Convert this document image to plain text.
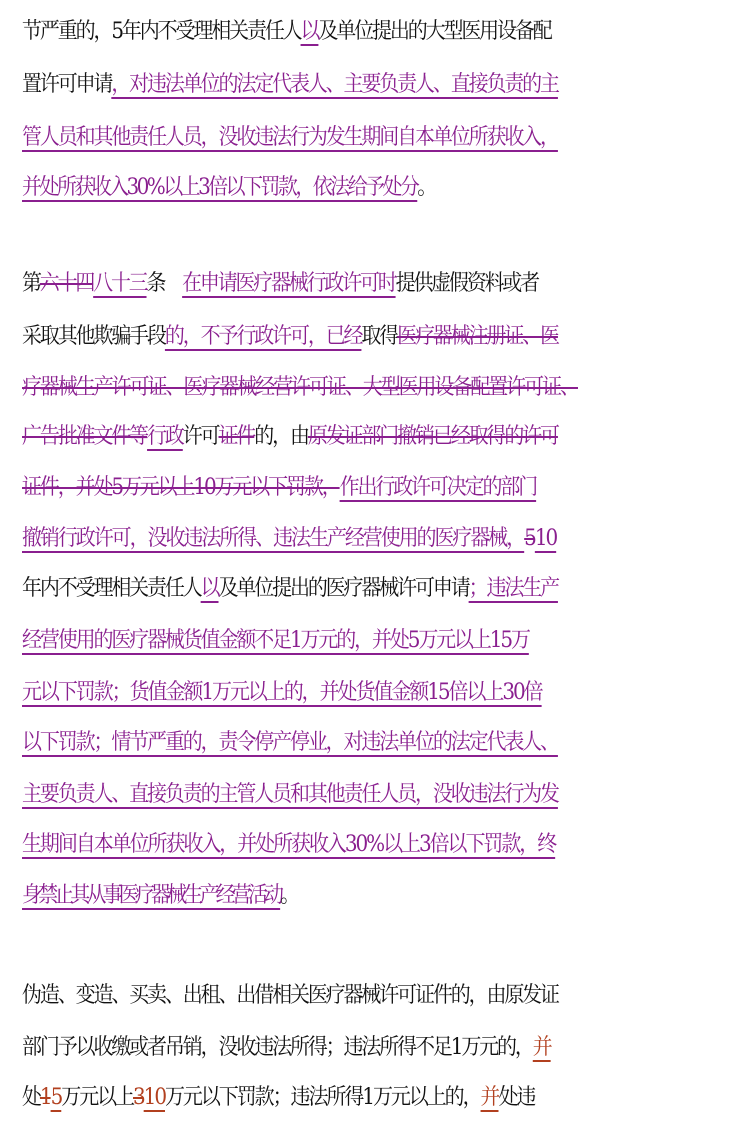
节严重的，5年内不受理相关责任人以及单位提出的大型医用设备配
置许可申请，对违法单位的法定代表人、主要负责人、直接负责的主
管人员和其他责任人员，没收违法行为发生期间自本单位所获收入，
并处所获收入30%以上3倍以下罚款，依法给予处分。
第六十四八十三条　在申请医疗器械行政许可时提供虚假资料或者
采取其他欺骗手段的，不予行政许可，已经取得医疗器械注册证、医
疗器械生产许可证、医疗器械经营许可证、大型医用设备配置许可证、
广告批准文件等行政许可证件的，由原发证部门撤销已经取得的许可
证件，并处5万元以上10万元以下罚款，作出行政许可决定的部门
撤销行政许可，没收违法所得、违法生产经营使用的医疗器械，510
年内不受理相关责任人以及单位提出的医疗器械许可申请；违法生产
经营使用的医疗器械货值金额不足1万元的，并处5万元以上15万
元以下罚款；货值金额1万元以上的，并处货值金额15倍以上30倍
以下罚款；情节严重的，责令停产停业，对违法单位的法定代表人、
主要负责人、直接负责的主管人员和其他责任人员，没收违法行为发
生期间自本单位所获收入，并处所获收入30%以上3倍以下罚款，终
身禁止其从事医疗器械生产经营活动。
伪造、变造、买卖、出租、出借相关医疗器械许可证件的，由原发证
部门予以收缴或者吊销，没收违法所得；违法所得不足1万元的，并
处15万元以上310万元以下罚款；违法所得1万元以上的，并处违
